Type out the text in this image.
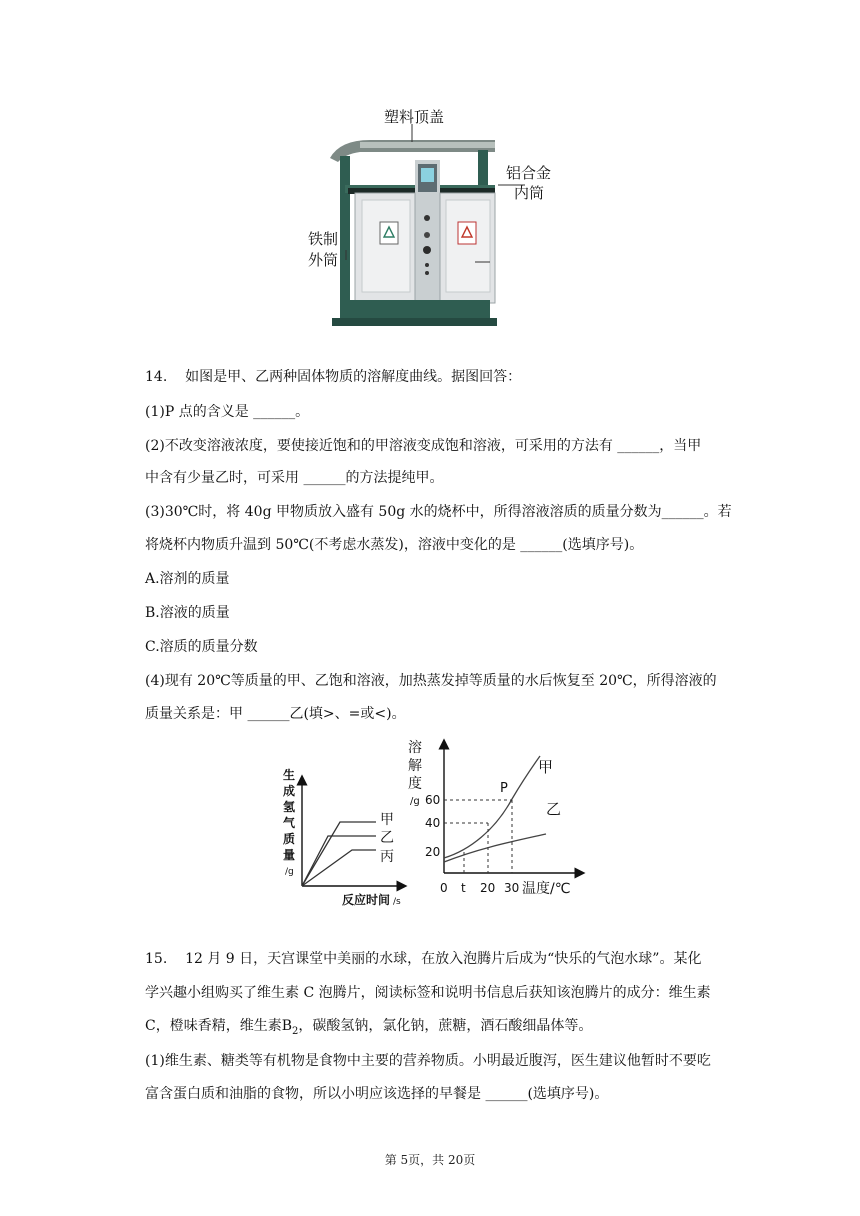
塑料顶盖
铝合金
内筒
铁制
外筒
14. 如图是甲、乙两种固体物质的溶解度曲线。据图回答：
(1)P 点的含义是 ______。
(2)不改变溶液浓度，要使接近饱和的甲溶液变成饱和溶液，可采用的方法有 ______，当甲
中含有少量乙时，可采用 ______的方法提纯甲。
(3)30℃时，将 40g 甲物质放入盛有 50g 水的烧杯中，所得溶液溶质的质量分数为______。若
将烧杯内物质升温到 50℃(不考虑水蒸发)，溶液中变化的是 ______(选填序号)。
A.溶剂的质量
B.溶液的质量
C.溶质的质量分数
(4)现有 20℃等质量的甲、乙饱和溶液，加热蒸发掉等质量的水后恢复至 20℃，所得溶液的
质量关系是：甲 ______乙(填>、=或<)。
甲
乙
丙
生
成
氢
气
质
量
/g
反应时间 /s
20
40
60
0 t 20 30 温度/℃
溶
解
度
/g
P
甲
乙
15. 12 月 9 日，天宫课堂中美丽的水球，在放入泡腾片后成为“快乐的气泡水球”。某化
学兴趣小组购买了维生素 C 泡腾片，阅读标签和说明书信息后获知该泡腾片的成分：维生素
C，橙味香精，维生素$B_2$，碳酸氢钠，氯化钠，蔗糖，酒石酸细晶体等。
(1)维生素、糖类等有机物是食物中主要的营养物质。小明最近腹泻，医生建议他暂时不要吃
富含蛋白质和油脂的食物，所以小明应该选择的早餐是 ______(选填序号)。
第 5页，共 20页
